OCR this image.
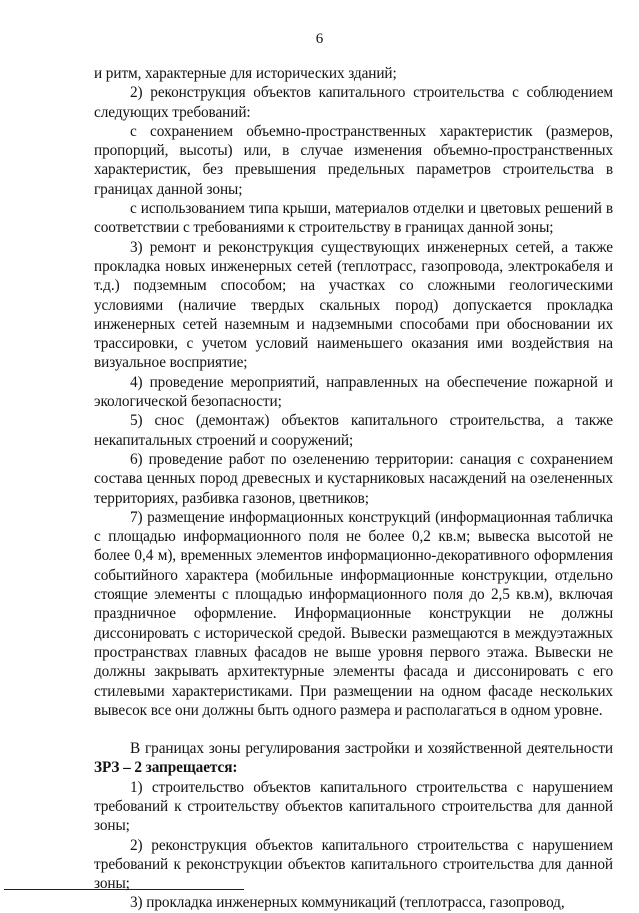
6

и ритм, характерные для исторических зданий;

2) реконструкция объектов капитального строительства с соблюдением следующих требований:

с сохранением объемно-пространственных характеристик (размеров, пропорций, высоты) или, в случае изменения объемно-пространственных характеристик, без превышения предельных параметров строительства в границах данной зоны;

с использованием типа крыши, материалов отделки и цветовых решений в соответствии с требованиями к строительству в границах данной зоны;

3) ремонт и реконструкция существующих инженерных сетей, а также прокладка новых инженерных сетей (теплотрасс, газопровода, электрокабеля и т.д.) подземным способом; на участках со сложными геологическими условиями (наличие твердых скальных пород) допускается прокладка инженерных сетей наземным и надземными способами при обосновании их трассировки, с учетом условий наименьшего оказания ими воздействия на визуальное восприятие;

4) проведение мероприятий, направленных на обеспечение пожарной и экологической безопасности;

5) снос (демонтаж) объектов капитального строительства, а также некапитальных строений и сооружений;

6) проведение работ по озеленению территории: санация с сохранением состава ценных пород древесных и кустарниковых насаждений на озелененных территориях, разбивка газонов, цветников;

7) размещение информационных конструкций (информационная табличка с площадью информационного поля не более 0,2 кв.м; вывеска высотой не более 0,4 м), временных элементов информационно-декоративного оформления событийного характера (мобильные информационные конструкции, отдельно стоящие элементы с площадью информационного поля до 2,5 кв.м), включая праздничное оформление. Информационные конструкции не должны диссонировать с исторической средой. Вывески размещаются в междуэтажных пространствах главных фасадов не выше уровня первого этажа. Вывески не должны закрывать архитектурные элементы фасада и диссонировать с его стилевыми характеристиками. При размещении на одном фасаде нескольких вывесок все они должны быть одного размера и располагаться в одном уровне.

В границах зоны регулирования застройки и хозяйственной деятельности ЗРЗ – 2 запрещается:

1) строительство объектов капитального строительства с нарушением требований к строительству объектов капитального строительства для данной зоны;

2) реконструкция объектов капитального строительства с нарушением требований к реконструкции объектов капитального строительства для данной зоны;

3) прокладка инженерных коммуникаций (теплотрасса, газопровод,
